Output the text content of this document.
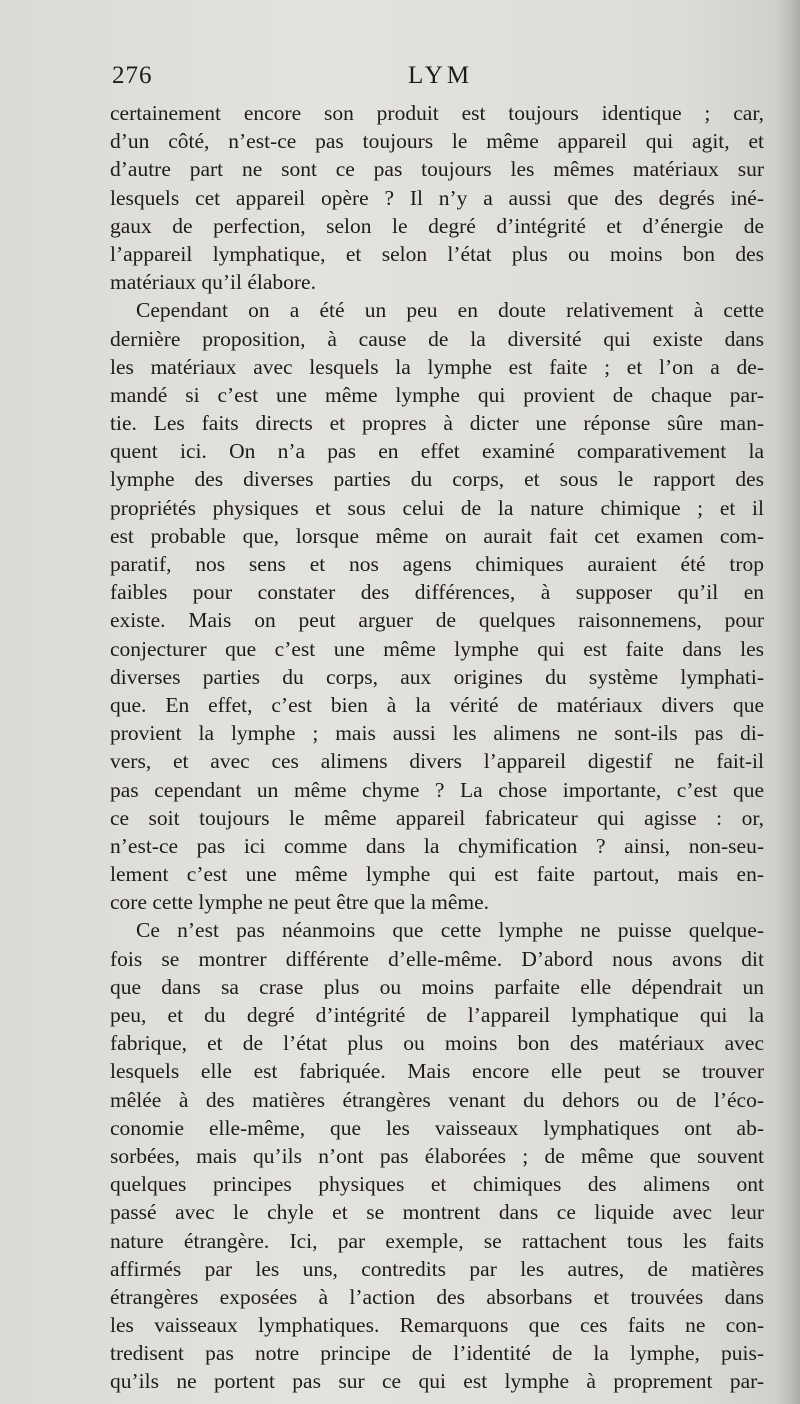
276	LYM
certainement encore son produit est toujours identique ; car,
d’un côté, n’est-ce pas toujours le même appareil qui agit, et
d’autre part ne sont ce pas toujours les mêmes matériaux sur
lesquels cet appareil opère ? Il n’y a aussi que des degrés iné-
gaux de perfection, selon le degré d’intégrité et d’énergie de
l’appareil lymphatique, et selon l’état plus ou moins bon des
matériaux qu’il élabore.
Cependant on a été un peu en doute relativement à cette
dernière proposition, à cause de la diversité qui existe dans
les matériaux avec lesquels la lymphe est faite ; et l’on a de-
mandé si c’est une même lymphe qui provient de chaque par-
tie. Les faits directs et propres à dicter une réponse sûre man-
quent ici. On n’a pas en effet examiné comparativement la
lymphe des diverses parties du corps, et sous le rapport des
propriétés physiques et sous celui de la nature chimique ; et il
est probable que, lorsque même on aurait fait cet examen com-
paratif, nos sens et nos agens chimiques auraient été trop
faibles pour constater des différences, à supposer qu’il en
existe. Mais on peut arguer de quelques raisonnemens, pour
conjecturer que c’est une même lymphe qui est faite dans les
diverses parties du corps, aux origines du système lymphati-
que. En effet, c’est bien à la vérité de matériaux divers que
provient la lymphe ; mais aussi les alimens ne sont-ils pas di-
vers, et avec ces alimens divers l’appareil digestif ne fait-il
pas cependant un même chyme ? La chose importante, c’est que
ce soit toujours le même appareil fabricateur qui agisse : or,
n’est-ce pas ici comme dans la chymification ? ainsi, non-seu-
lement c’est une même lymphe qui est faite partout, mais en-
core cette lymphe ne peut être que la même.
Ce n’est pas néanmoins que cette lymphe ne puisse quelque-
fois se montrer différente d’elle-même. D’abord nous avons dit
que dans sa crase plus ou moins parfaite elle dépendrait un
peu, et du degré d’intégrité de l’appareil lymphatique qui la
fabrique, et de l’état plus ou moins bon des matériaux avec
lesquels elle est fabriquée. Mais encore elle peut se trouver
mêlée à des matières étrangères venant du dehors ou de l’éco-
conomie elle-même, que les vaisseaux lymphatiques ont ab-
sorbées, mais qu’ils n’ont pas élaborées ; de même que souvent
quelques principes physiques et chimiques des alimens ont
passé avec le chyle et se montrent dans ce liquide avec leur
nature étrangère. Ici, par exemple, se rattachent tous les faits
affirmés par les uns, contredits par les autres, de matières
étrangères exposées à l’action des absorbans et trouvées dans
les vaisseaux lymphatiques. Remarquons que ces faits ne con-
tredisent pas notre principe de l’identité de la lymphe, puis-
qu’ils ne portent pas sur ce qui est lymphe à proprement par-
